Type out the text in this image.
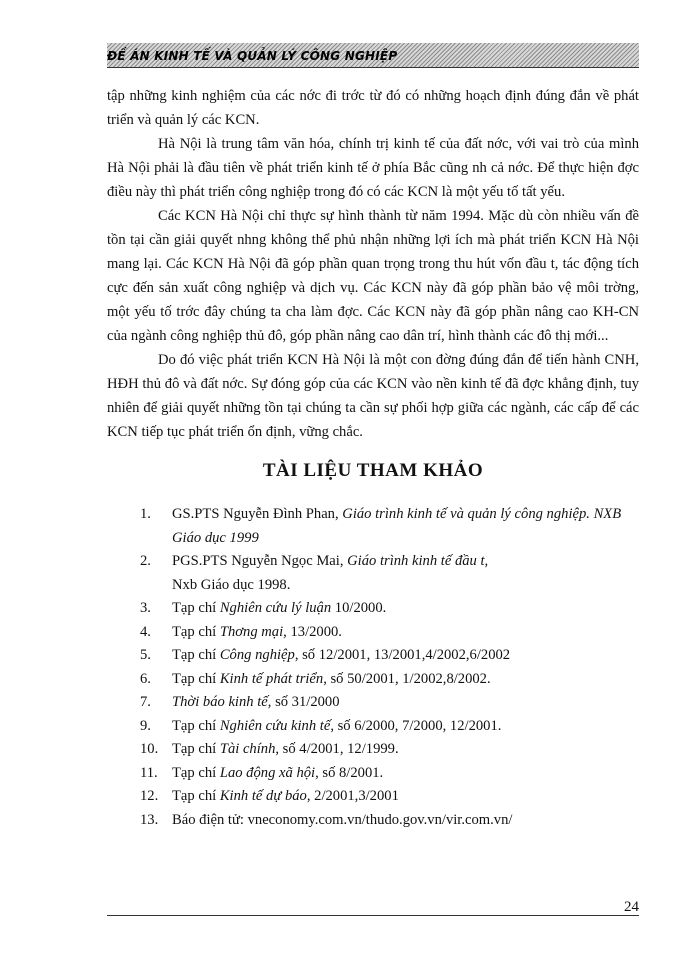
ĐỀ ÁN KINH TẾ VÀ QUẢN LÝ CÔNG NGHIỆP

tập những kinh nghiệm của các nớc đi trớc từ đó có những hoạch định đúng đắn về phát triển và quản lý các KCN.

Hà Nội là trung tâm văn hóa, chính trị kinh tế của đất nớc, với vai trò của mình Hà Nội phải là đầu tiên về phát triển kinh tế ở phía Bắc cũng nh cả nớc. Để thực hiện đợc điều này thì phát triển công nghiệp trong đó có các KCN là một yếu tố tất yếu.

Các KCN Hà Nội chỉ thực sự hình thành từ năm 1994. Mặc dù còn nhiều vấn đề tồn tại cần giải quyết nhng không thể phủ nhận những lợi ích mà phát triển KCN Hà Nội mang lại. Các KCN Hà Nội đã góp phần quan trọng trong thu hút vốn đầu t, tác động tích cực đến sản xuất công nghiệp và dịch vụ. Các KCN này đã góp phần bảo vệ môi trờng, một yếu tố trớc đây chúng ta cha làm đợc. Các KCN này đã góp phần nâng cao KH-CN của ngành công nghiệp thủ đô, góp phần nâng cao dân trí, hình thành các đô thị mới...

Do đó việc phát triển KCN Hà Nội là một con đờng đúng đắn để tiến hành CNH, HĐH thủ đô và đất nớc. Sự đóng góp của các KCN vào nền kinh tế đã đợc khẳng định, tuy nhiên để giải quyết những tồn tại chúng ta cần sự phối hợp giữa các ngành, các cấp để các KCN tiếp tục phát triển ổn định, vững chắc.

TÀI LIỆU THAM KHẢO
1. GS.PTS Nguyễn Đình Phan, Giáo trình kinh tế và quản lý công nghiệp. NXB Giáo dục 1999
2. PGS.PTS Nguyễn Ngọc Mai, Giáo trình kinh tế đầu t,
Nxb Giáo dục 1998.
3. Tạp chí Nghiên cứu lý luận 10/2000.
4. Tạp chí Thơng mại, 13/2000.
5. Tạp chí Công nghiệp, số 12/2001, 13/2001,4/2002,6/2002
6. Tạp chí Kinh tế phát triển, số 50/2001, 1/2002,8/2002.
7. Thời báo kinh tế, số 31/2000
9. Tạp chí Nghiên cứu kinh tế, số 6/2000, 7/2000, 12/2001.
10. Tạp chí Tài chính, số 4/2001, 12/1999.
11. Tạp chí Lao động xã hội, số 8/2001.
12. Tạp chí Kinh tế dự báo, 2/2001,3/2001
13. Báo điện tử: vneconomy.com.vn/thudo.gov.vn/vir.com.vn/
24
